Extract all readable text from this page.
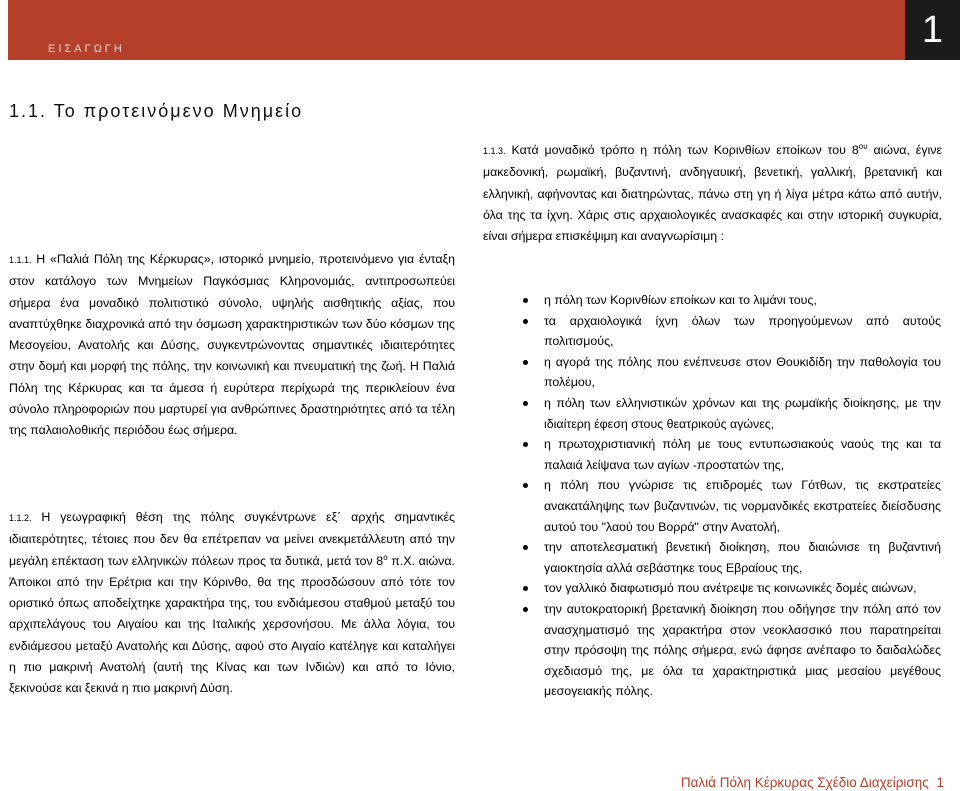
ΕΙΣΑΓΩΓΗ	1
1.1. Το προτεινόμενο Μνημείο

1.1.1. Η «Παλιά Πόλη της Κέρκυρας», ιστορικό μνημείο, προτεινόμενο για ένταξη στον κατάλογο των Μνημείων Παγκόσμιας Κληρονομιάς, αντιπροσωπεύει σήμερα ένα μοναδικό πολιτιστικό σύνολο, υψηλής αισθητικής αξίας, που αναπτύχθηκε διαχρονικά από την όσμωση χαρακτηριστικών των δύο κόσμων της Μεσογείου, Ανατολής και Δύσης, συγκεντρώνοντας σημαντικές ιδιαιτερότητες στην δομή και μορφή της πόλης, την κοινωνική και πνευματική της ζωή. Η Παλιά Πόλη της Κέρκυρας και τα άμεσα ή ευρύτερα περίχωρά της περικλείουν ένα σύνολο πληροφοριών που μαρτυρεί για ανθρώπινες δραστηριότητες από τα τέλη της παλαιολοθικής περιόδου έως σήμερα.

1.1.2. Η γεωγραφική θέση της πόλης συγκέντρωνε εξ΄ αρχής σημαντικές ιδιαιτερότητες, τέτοιες που δεν θα επέτρεπαν να μείνει ανεκμετάλλευτη από την μεγάλη επέκταση των ελληνικών πόλεων προς τα δυτικά, μετά τον $8^o$ π.Χ. αιώνα. Άποικοι από την Ερέτρια και την Κόρινθο, θα της προσδώσουν από τότε τον οριστικό όπως αποδείχτηκε χαρακτήρα της, του ενδιάμεσου σταθμού μεταξύ του αρχιπελάγους του Αιγαίου και της Ιταλικής χερσονήσου. Με άλλα λόγια, του ενδιάμεσου μεταξύ Ανατολής και Δύσης, αφού στο Αιγαίο κατέληγε και καταλήγει η πιο μακρινή Ανατολή (αυτή της Κίνας και των Ινδιών) και από το Ιόνιο, ξεκινούσε και ξεκινά η πιο μακρινή Δύση.

1.1.3. Κατά μοναδικό τρόπο η πόλη των Κορινθίων εποίκων του $8^{o\upsilon}$ αιώνα, έγινε μακεδονική, ρωμαϊκή, βυζαντινή, ανδηγαυική, βενετική, γαλλική, βρετανική και ελληνική, αφήνοντας και διατηρώντας, πάνω στη γη ή λίγα μέτρα κάτω από αυτήν, όλα της τα ίχνη. Χάρις στις αρχαιολογικές ανασκαφές και στην ιστορική συγκυρία, είναι σήμερα επισκέψιμη και αναγνωρίσιμη :

η πόλη των Κορινθίων εποίκων και το λιμάνι τους,
τα αρχαιολογικά ίχνη όλων των προηγούμενων από αυτούς πολιτισμούς,
η αγορά της πόλης που ενέπνευσε στον Θουκιδίδη την παθολογία του πολέμου,
η πόλη των ελληνιστικών χρόνων και της ρωμαϊκής διοίκησης, με την ιδιαίτερη έφεση στους θεατρικούς αγώνες,
η πρωτοχριστιανική πόλη με τους εντυπωσιακούς ναούς της και τα παλαιά λείψανα των αγίων -προστατών της,
η πόλη που γνώρισε τις επιδρομές των Γότθων, τις εκστρατείες ανακατάληψης των βυζαντινών, τις νορμανδικές εκστρατείες διείσδυσης αυτού του "λαού του Βορρά" στην Ανατολή,
την αποτελεσματική βενετική διοίκηση, που διαιώνισε τη βυζαντινή γαιοκτησία αλλά σεβάστηκε τους Εβραίους της,
τον γαλλικό διαφωτισμό που ανέτρεψε τις κοινωνικές δομές αιώνων,
την αυτοκρατορική βρετανική διοίκηση που οδήγησε την πόλη από τον ανασχηματισμό της χαρακτήρα στον νεοκλασσικό που παρατηρείται στην πρόσοψη της πόλης σήμερα, ενώ άφησε ανέπαφο το δαιδαλώδες σχεδιασμό της, με όλα τα χαρακτηριστικά μιας μεσαίου μεγέθους μεσογειακής πόλης.
Παλιά Πόλη Κέρκυρας Σχέδιο Διαχείρισης 1
